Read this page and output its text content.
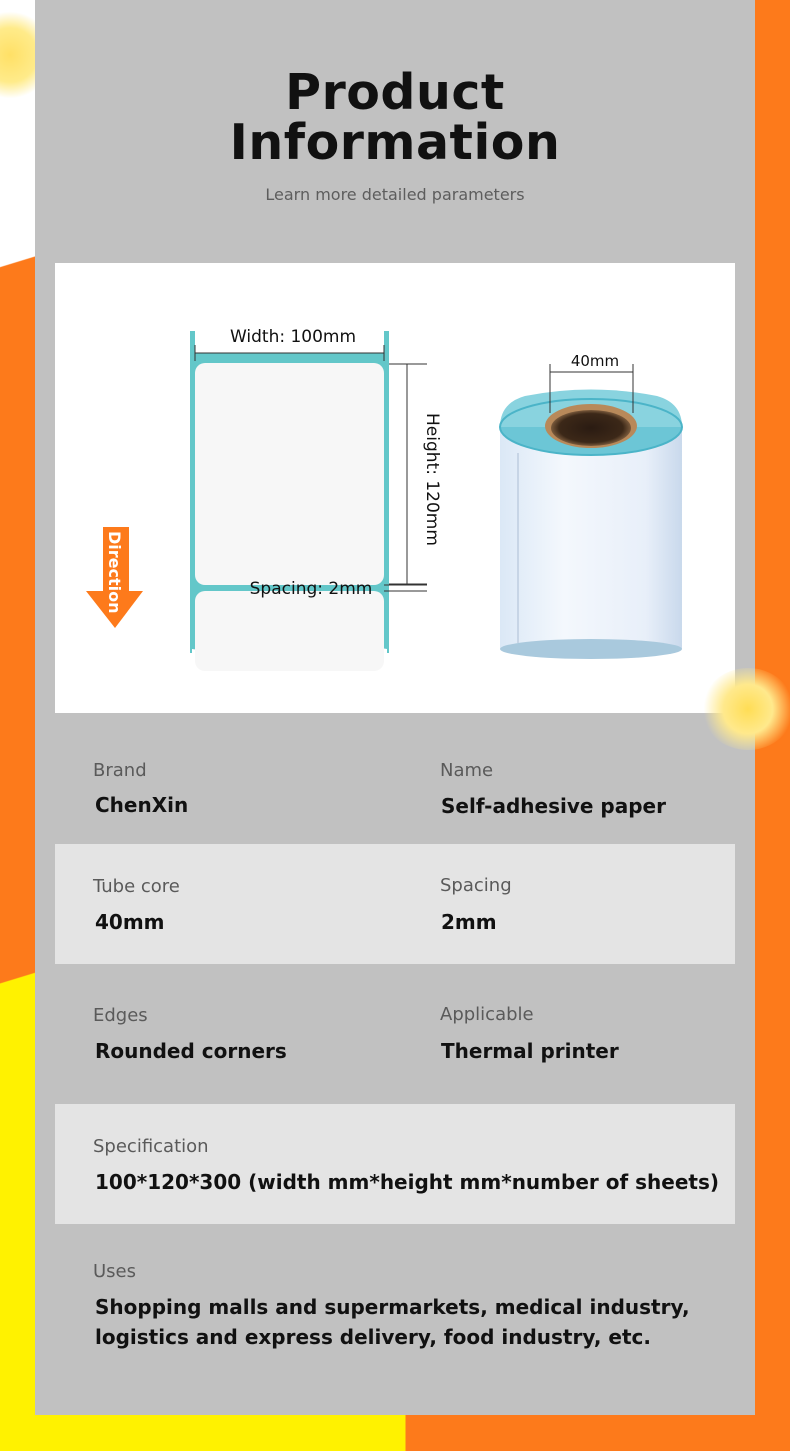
Product
Information
Learn more detailed parameters
Direction
Width: 100mm
Height: 120mm
Spacing: 2mm
40mm
Brand
ChenXin
Name
Self-adhesive paper
Tube core
40mm
Spacing
2mm
Edges
Rounded corners
Applicable
Thermal printer
Specification
100*120*300 (width mm*height mm*number of sheets)
Uses
Shopping malls and supermarkets, medical industry,
logistics and express delivery, food industry, etc.
